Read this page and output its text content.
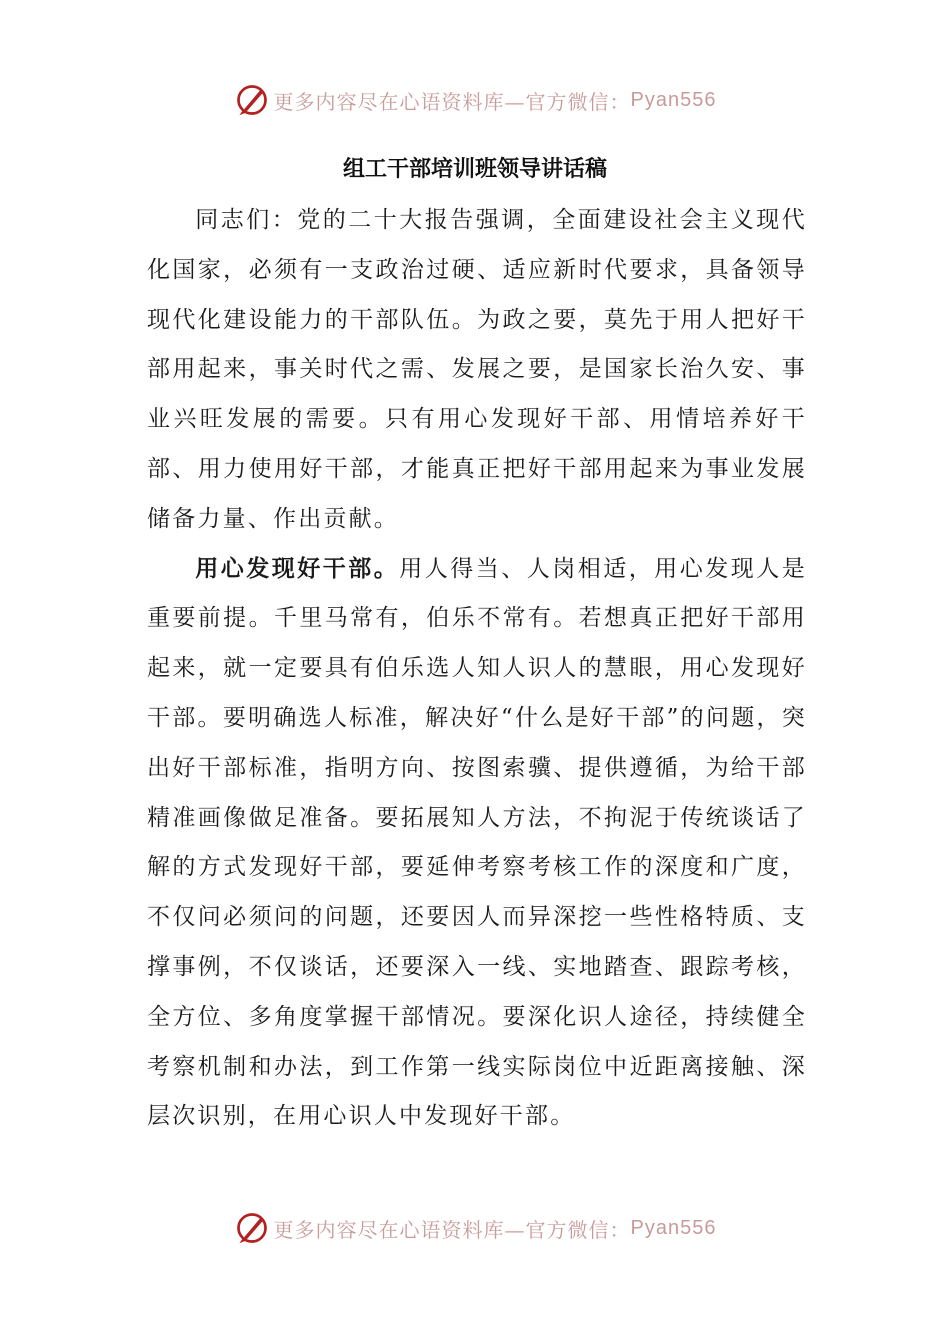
更多内容尽在心语资料库—官方微信： Pyan556
组工干部培训班领导讲话稿

同志们：党的二十大报告强调，全面建设社会主义现代化国家，必须有一支政治过硬、适应新时代要求，具备领导现代化建设能力的干部队伍。为政之要，莫先于用人把好干部用起来，事关时代之需、发展之要，是国家长治久安、事业兴旺发展的需要。只有用心发现好干部、用情培养好干部、用力使用好干部，才能真正把好干部用起来为事业发展储备力量、作出贡献。

用心发现好干部。用人得当、人岗相适，用心发现人是重要前提。千里马常有，伯乐不常有。若想真正把好干部用起来，就一定要具有伯乐选人知人识人的慧眼，用心发现好干部。要明确选人标准，解决好“什么是好干部”的问题，突出好干部标准，指明方向、按图索骥、提供遵循，为给干部精准画像做足准备。要拓展知人方法，不拘泥于传统谈话了解的方式发现好干部，要延伸考察考核工作的深度和广度，不仅问必须问的问题，还要因人而异深挖一些性格特质、支撑事例，不仅谈话，还要深入一线、实地踏查、跟踪考核，全方位、多角度掌握干部情况。要深化识人途径，持续健全考察机制和办法，到工作第一线实际岗位中近距离接触、深层次识别，在用心识人中发现好干部。

更多内容尽在心语资料库—官方微信： Pyan556
